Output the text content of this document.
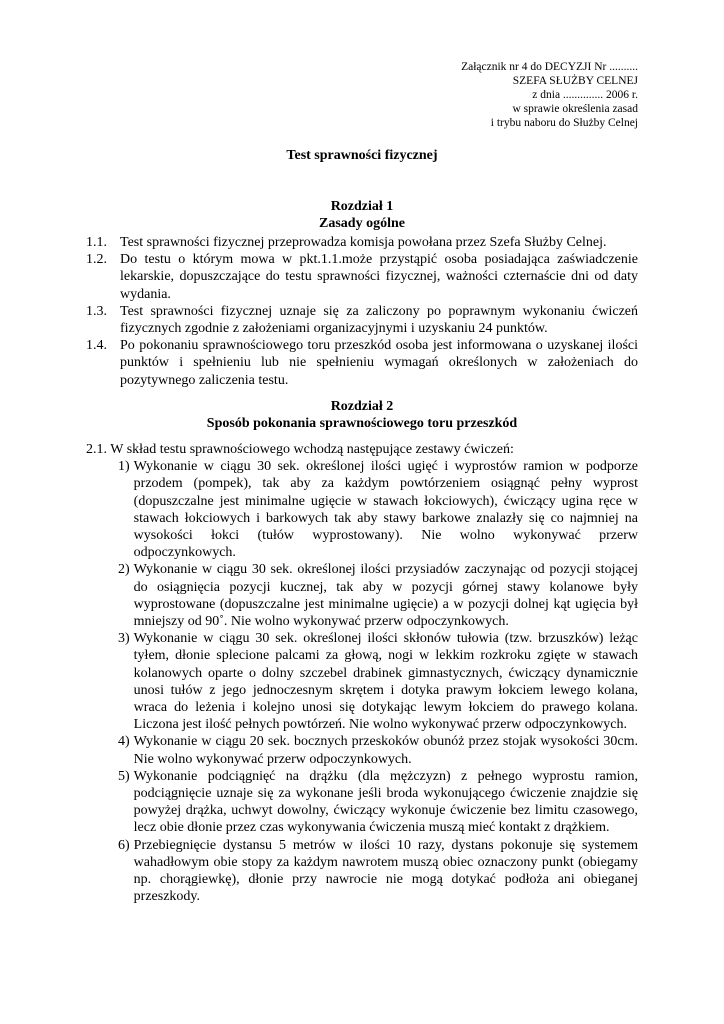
Załącznik nr 4 do DECYZJI Nr ..........
SZEFA SŁUŻBY CELNEJ
z dnia .............. 2006 r.
w sprawie określenia zasad
i trybu naboru do Służby Celnej
Test sprawności fizycznej
Rozdział 1
Zasady ogólne
1.1. Test sprawności fizycznej przeprowadza komisja powołana przez Szefa Służby Celnej.
1.2. Do testu o którym mowa w pkt.1.1.może przystąpić osoba posiadająca zaświadczenie lekarskie, dopuszczające do testu sprawności fizycznej, ważności czternaście dni od daty wydania.
1.3. Test sprawności fizycznej uznaje się za zaliczony po poprawnym wykonaniu ćwiczeń fizycznych zgodnie z założeniami organizacyjnymi i uzyskaniu 24 punktów.
1.4. Po pokonaniu sprawnościowego toru przeszkód osoba jest informowana o uzyskanej ilości punktów i spełnieniu lub nie spełnieniu wymagań określonych w założeniach do pozytywnego zaliczenia testu.
Rozdział 2
Sposób pokonania sprawnościowego toru przeszkód
2.1. W skład testu sprawnościowego wchodzą następujące zestawy ćwiczeń:
1) Wykonanie w ciągu 30 sek. określonej ilości ugięć i wyprostów ramion w podporze przodem (pompek), tak aby za każdym powtórzeniem osiągnąć pełny wyprost (dopuszczalne jest minimalne ugięcie w stawach łokciowych), ćwiczący ugina ręce w stawach łokciowych i barkowych tak aby stawy barkowe znalazły się co najmniej na wysokości łokci (tułów wyprostowany). Nie wolno wykonywać przerw odpoczynkowych.
2) Wykonanie w ciągu 30 sek. określonej ilości przysiadów zaczynając od pozycji stojącej do osiągnięcia pozycji kucznej, tak aby w pozycji górnej stawy kolanowe były wyprostowane (dopuszczalne jest minimalne ugięcie) a w pozycji dolnej kąt ugięcia był mniejszy od 90˚. Nie wolno wykonywać przerw odpoczynkowych.
3) Wykonanie w ciągu 30 sek. określonej ilości skłonów tułowia (tzw. brzuszków) leżąc tyłem, dłonie splecione palcami za głową, nogi w lekkim rozkroku zgięte w stawach kolanowych oparte o dolny szczebel drabinek gimnastycznych, ćwiczący dynamicznie unosi tułów z jego jednoczesnym skrętem i dotyka prawym łokciem lewego kolana, wraca do leżenia i kolejno unosi się dotykając lewym łokciem do prawego kolana. Liczona jest ilość pełnych powtórzeń. Nie wolno wykonywać przerw odpoczynkowych.
4) Wykonanie w ciągu 20 sek. bocznych przeskoków obunóż przez stojak wysokości 30cm. Nie wolno wykonywać przerw odpoczynkowych.
5) Wykonanie podciągnięć na drążku (dla mężczyzn) z pełnego wyprostu ramion, podciągnięcie uznaje się za wykonane jeśli broda wykonującego ćwiczenie znajdzie się powyżej drążka, uchwyt dowolny, ćwiczący wykonuje ćwiczenie bez limitu czasowego, lecz obie dłonie przez czas wykonywania ćwiczenia muszą mieć kontakt z drążkiem.
6) Przebiegnięcie dystansu 5 metrów w ilości 10 razy, dystans pokonuje się systemem wahadłowym obie stopy za każdym nawrotem muszą obiec oznaczony punkt (obiegamy np. chorągiewkę), dłonie przy nawrocie nie mogą dotykać podłoża ani obieganej przeszkody.
